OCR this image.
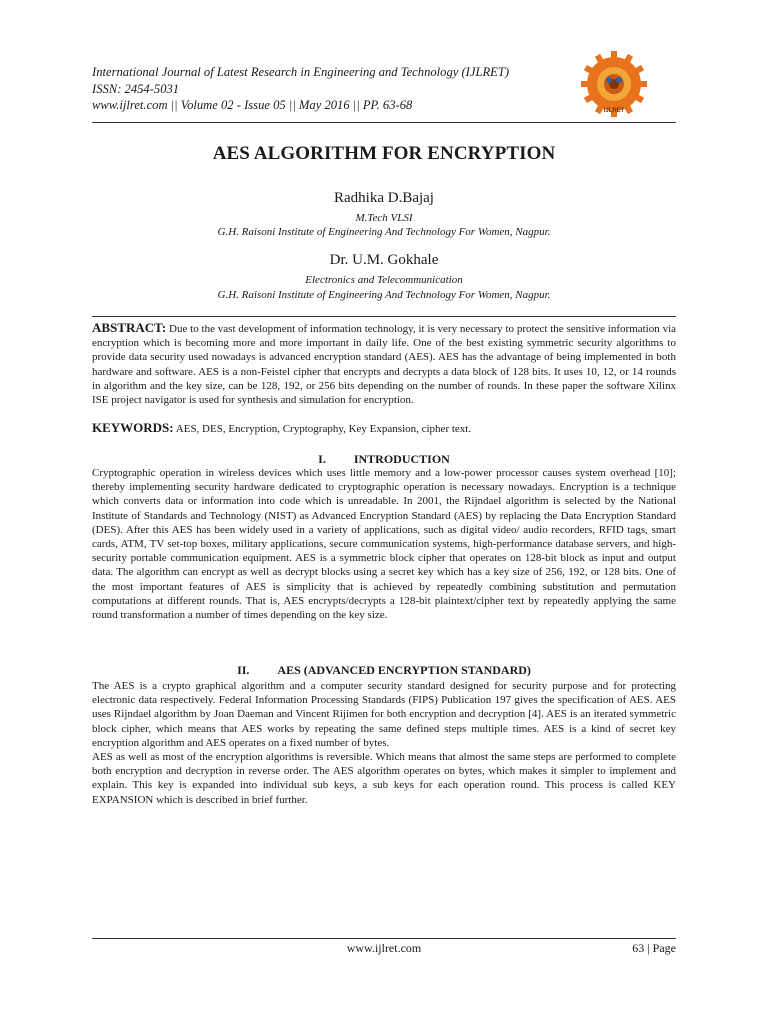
International Journal of Latest Research in Engineering and Technology (IJLRET)
ISSN: 2454-5031
www.ijlret.com || Volume 02 - Issue 05 || May 2016 || PP. 63-68	IJLRET
AES ALGORITHM FOR ENCRYPTION
Radhika D.Bajaj
M.Tech VLSI
G.H. Raisoni Institute of Engineering And Technology For Women, Nagpur.
Dr. U.M. Gokhale
Electronics and Telecommunication
G.H. Raisoni Institute of Engineering And Technology For Women, Nagpur.
ABSTRACT: Due to the vast development of information technology, it is very necessary to protect the sensitive information via encryption which is becoming more and more important in daily life. One of the best existing symmetric security algorithms to provide data security used nowadays is advanced encryption standard (AES). AES has the advantage of being implemented in both hardware and software. AES is a non-Feistel cipher that encrypts and decrypts a data block of 128 bits. It uses 10, 12, or 14 rounds in algorithm and the key size, can be 128, 192, or 256 bits depending on the number of rounds. In these paper the software Xilinx ISE project navigator is used for synthesis and simulation for encryption.
KEYWORDS: AES, DES, Encryption, Cryptography, Key Expansion, cipher text.
I. INTRODUCTION

Cryptographic operation in wireless devices which uses little memory and a low-power processor causes system overhead [10]; thereby implementing security hardware dedicated to cryptographic operation is necessary nowadays. Encryption is a technique which converts data or information into code which is unreadable. In 2001, the Rijndael algorithm is selected by the National Institute of Standards and Technology (NIST) as Advanced Encryption Standard (AES) by replacing the Data Encryption Standard (DES). After this AES has been widely used in a variety of applications, such as digital video/ audio recorders, RFID tags, smart cards, ATM, TV set-top boxes, military applications, secure communication systems, high-performance database servers, and high-security portable communication equipment. AES is a symmetric block cipher that operates on 128-bit block as input and output data. The algorithm can encrypt as well as decrypt blocks using a secret key which has a key size of 256, 192, or 128 bits. One of the most important features of AES is simplicity that is achieved by repeatedly combining substitution and permutation computations at different rounds. That is, AES encrypts/decrypts a 128-bit plaintext/cipher text by repeatedly applying the same round transformation a number of times depending on the key size.

II. AES (ADVANCED ENCRYPTION STANDARD)

The AES is a crypto graphical algorithm and a computer security standard designed for security purpose and for protecting electronic data respectively. Federal Information Processing Standards (FIPS) Publication 197 gives the specification of AES. AES uses Rijndael algorithm by Joan Daeman and Vincent Rijimen for both encryption and decryption [4]. AES is an iterated symmetric block cipher, which means that AES works by repeating the same defined steps multiple times. AES is a kind of secret key encryption algorithm and AES operates on a fixed number of bytes.

AES as well as most of the encryption algorithms is reversible. Which means that almost the same steps are performed to complete both encryption and decryption in reverse order. The AES algorithm operates on bytes, which makes it simpler to implement and explain. This key is expanded into individual sub keys, a sub keys for each operation round. This process is called KEY EXPANSION which is described in brief further.

www.ijlret.com	63 | Page
